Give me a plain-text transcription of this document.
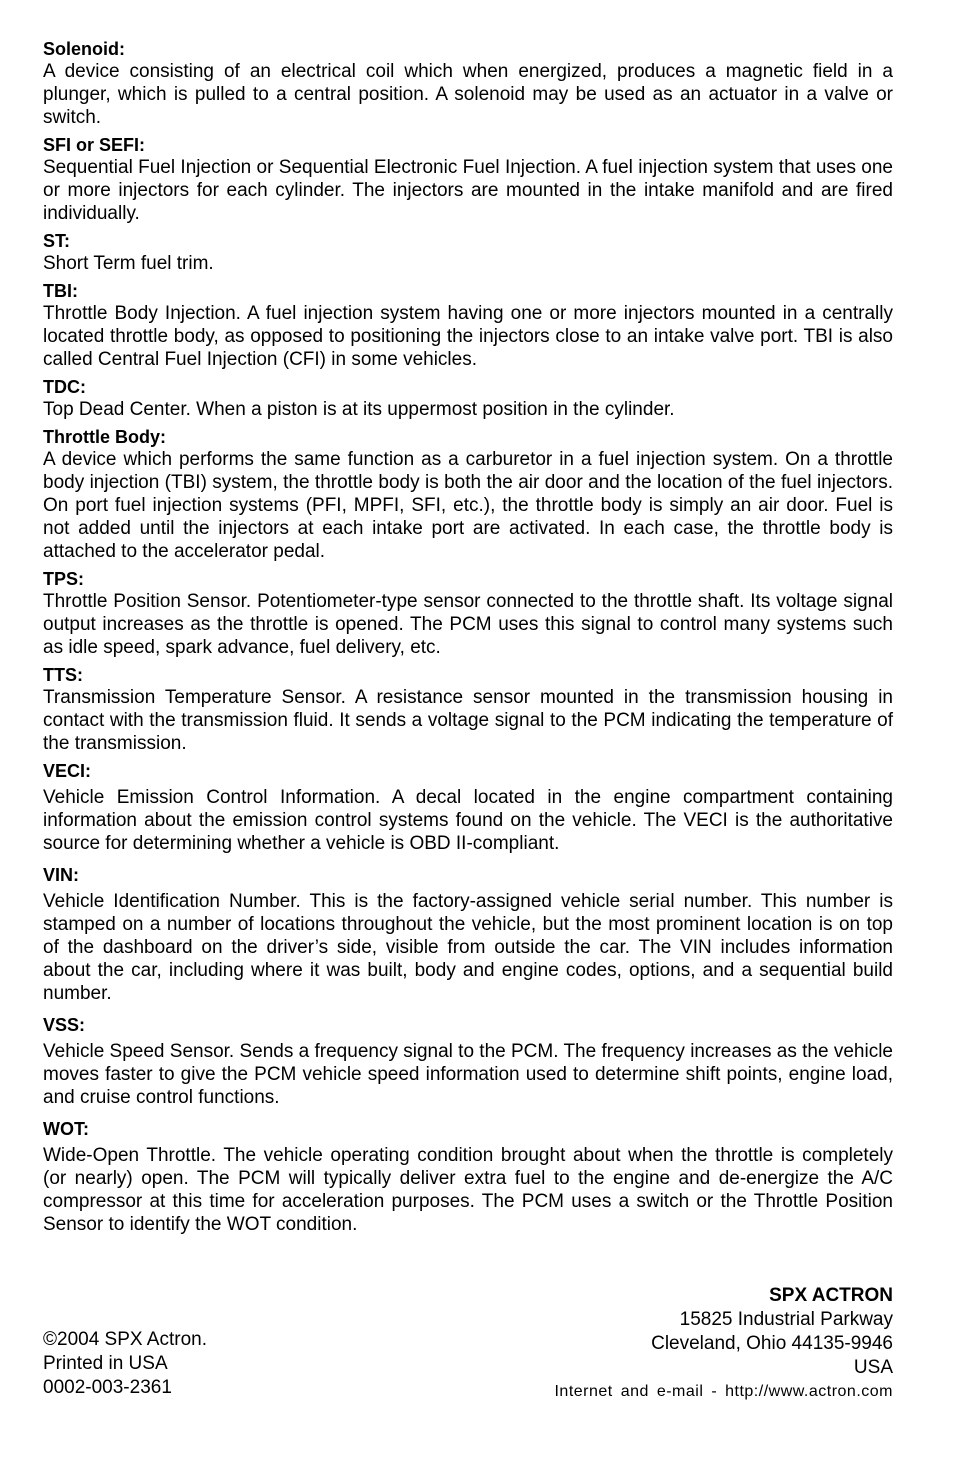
Solenoid:

A device consisting of an electrical coil which when energized, produces a magnetic field in a plunger, which is pulled to a central position. A solenoid may be used as an actuator in a valve or switch.

SFI or SEFI:

Sequential Fuel Injection or Sequential Electronic Fuel Injection. A fuel injection system that uses one or more injectors for each cylinder. The injectors are mounted in the intake manifold and are fired individually.

ST:

Short Term fuel trim.

TBI:

Throttle Body Injection. A fuel injection system having one or more injectors mounted in a centrally located throttle body, as opposed to positioning the injectors close to an intake valve port. TBI is also called Central Fuel Injection (CFI) in some vehicles.

TDC:

Top Dead Center. When a piston is at its uppermost position in the cylinder.

Throttle Body:

A device which performs the same function as a carburetor in a fuel injection system. On a throttle body injection (TBI) system, the throttle body is both the air door and the location of the fuel injectors. On port fuel injection systems (PFI, MPFI, SFI, etc.), the throttle body is simply an air door. Fuel is not added until the injectors at each intake port are activated. In each case, the throttle body is attached to the accelerator pedal.

TPS:

Throttle Position Sensor. Potentiometer-type sensor connected to the throttle shaft. Its voltage signal output increases as the throttle is opened. The PCM uses this signal to control many systems such as idle speed, spark advance, fuel delivery, etc.

TTS:

Transmission Temperature Sensor. A resistance sensor mounted in the transmission housing in contact with the transmission fluid. It sends a voltage signal to the PCM indicating the temperature of the transmission.

VECI:

Vehicle Emission Control Information. A decal located in the engine compartment containing information about the emission control systems found on the vehicle. The VECI is the authoritative source for determining whether a vehicle is OBD II-compliant.

VIN:

Vehicle Identification Number. This is the factory-assigned vehicle serial number. This number is stamped on a number of locations throughout the vehicle, but the most prominent location is on top of the dashboard on the driver’s side, visible from outside the car. The VIN includes information about the car, including where it was built, body and engine codes, options, and a sequential build number.

VSS:

Vehicle Speed Sensor. Sends a frequency signal to the PCM. The frequency increases as the vehicle moves faster to give the PCM vehicle speed information used to determine shift points, engine load, and cruise control functions.

WOT:

Wide-Open Throttle. The vehicle operating condition brought about when the throttle is completely (or nearly) open. The PCM will typically deliver extra fuel to the engine and de-energize the A/C compressor at this time for acceleration purposes. The PCM uses a switch or the Throttle Position Sensor to identify the WOT condition.

©2004 SPX Actron.
Printed in USA
0002-003-2361
SPX ACTRON
15825 Industrial Parkway
Cleveland, Ohio 44135-9946
USA
Internet and e-mail - http://www.actron.com
